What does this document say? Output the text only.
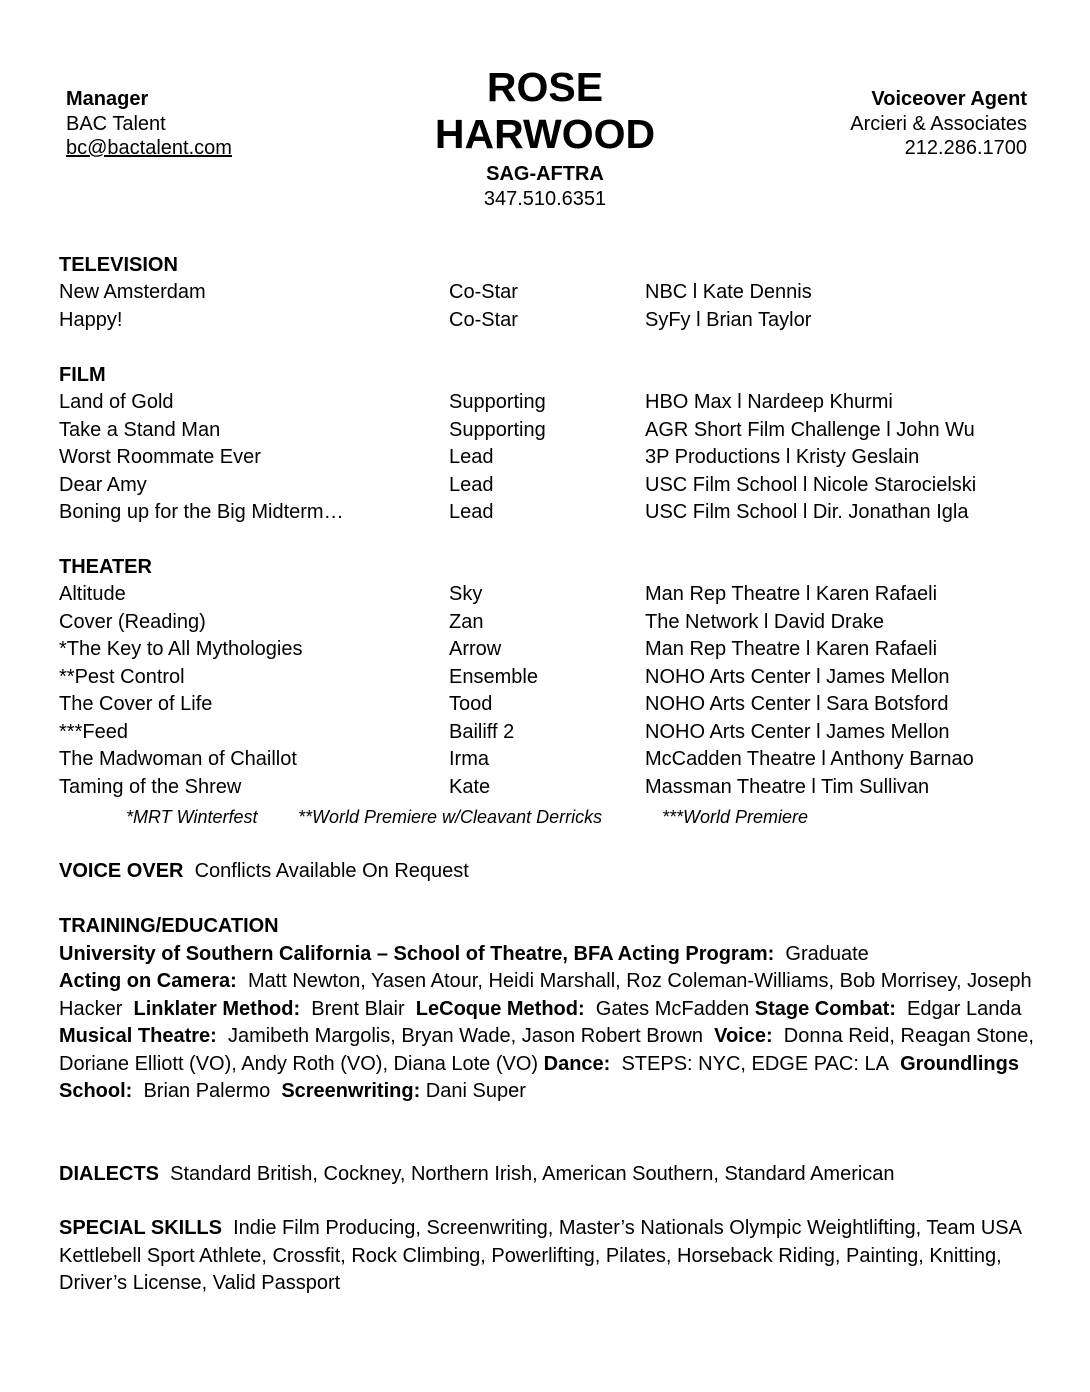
Manager
BAC Talent
bc@bactalent.com
ROSE
HARWOOD
SAG-AFTRA
347.510.6351
Voiceover Agent
Arcieri & Associates
212.286.1700
TELEVISION
New Amsterdam	Co-Star	NBC l Kate Dennis
Happy!	Co-Star	SyFy l Brian Taylor
FILM
Land of Gold	Supporting	HBO Max l Nardeep Khurmi
Take a Stand Man	Supporting	AGR Short Film Challenge l John Wu
Worst Roommate Ever	Lead	3P Productions l Kristy Geslain
Dear Amy	Lead	USC Film School l Nicole Starocielski
Boning up for the Big Midterm…	Lead	USC Film School l Dir. Jonathan Igla
THEATER
Altitude	Sky	Man Rep Theatre l Karen Rafaeli
Cover (Reading)	Zan	The Network l David Drake
*The Key to All Mythologies	Arrow	Man Rep Theatre l Karen Rafaeli
**Pest Control	Ensemble	NOHO Arts Center l James Mellon
The Cover of Life	Tood	NOHO Arts Center l Sara Botsford
***Feed	Bailiff 2	NOHO Arts Center l James Mellon
The Madwoman of Chaillot	Irma	McCadden Theatre l Anthony Barnao
Taming of the Shrew	Kate	Massman Theatre l Tim Sullivan
*MRT Winterfest **World Premiere w/Cleavant Derricks	***World Premiere
VOICE OVER Conflicts Available On Request
TRAINING/EDUCATION
University of Southern California – School of Theatre, BFA Acting Program: Graduate
Acting on Camera: Matt Newton, Yasen Atour, Heidi Marshall, Roz Coleman-Williams, Bob Morrisey, Joseph Hacker Linklater Method: Brent Blair LeCoque Method: Gates McFadden Stage Combat: Edgar Landa  Musical Theatre: Jamibeth Margolis, Bryan Wade, Jason Robert Brown Voice: Donna Reid, Reagan Stone, Doriane Elliott (VO), Andy Roth (VO), Diana Lote (VO) Dance: STEPS: NYC, EDGE PAC: LA Groundlings School: Brian Palermo Screenwriting: Dani Super
DIALECTS Standard British, Cockney, Northern Irish, American Southern, Standard American
SPECIAL SKILLS Indie Film Producing, Screenwriting, Master’s Nationals Olympic Weightlifting, Team USA Kettlebell Sport Athlete, Crossfit, Rock Climbing, Powerlifting, Pilates, Horseback Riding, Painting, Knitting, Driver’s License, Valid Passport
